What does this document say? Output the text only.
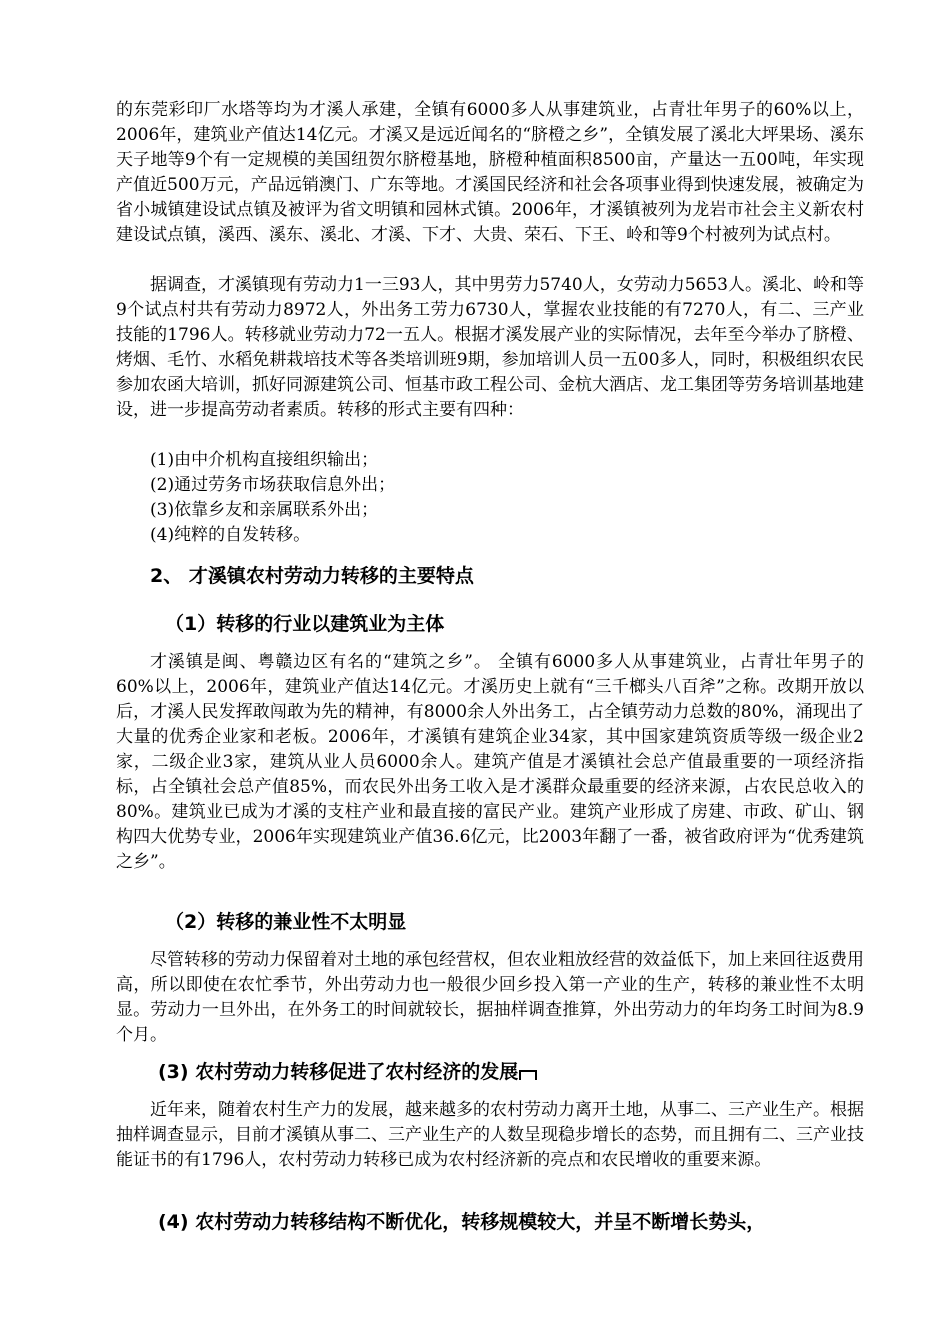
的东莞彩印厂水塔等均为才溪人承建，全镇有6000多人从事建筑业，占青壮年男子的60%以上，2006年，建筑业产值达14亿元。才溪又是远近闻名的“脐橙之乡”，全镇发展了溪北大坪果场、溪东天子地等9个有一定规模的美国纽贺尔脐橙基地，脐橙种植面积8500亩，产量达一五00吨，年实现产值近500万元，产品远销澳门、广东等地。才溪国民经济和社会各项事业得到快速发展，被确定为省小城镇建设试点镇及被评为省文明镇和园林式镇。2006年，才溪镇被列为龙岩市社会主义新农村建设试点镇，溪西、溪东、溪北、才溪、下才、大贵、荣石、下王、岭和等9个村被列为试点村。

据调查，才溪镇现有劳动力1一三93人，其中男劳力5740人，女劳动力5653人。溪北、岭和等9个试点村共有劳动力8972人，外出务工劳力6730人，掌握农业技能的有7270人，有二、三产业技能的1796人。转移就业劳动力72一五人。根据才溪发展产业的实际情况，去年至今举办了脐橙、烤烟、毛竹、水稻免耕栽培技术等各类培训班9期，参加培训人员一五00多人，同时，积极组织农民参加农函大培训，抓好同源建筑公司、恒基市政工程公司、金杭大酒店、龙工集团等劳务培训基地建设，进一步提高劳动者素质。转移的形式主要有四种：

(1)由中介机构直接组织输出；

(2)通过劳务市场获取信息外出；

(3)依靠乡友和亲属联系外出；

(4)纯粹的自发转移。

2、 才溪镇农村劳动力转移的主要特点
（1）转移的行业以建筑业为主体

才溪镇是闽、粤赣边区有名的“建筑之乡”。 全镇有6000多人从事建筑业，占青壮年男子的60%以上，2006年，建筑业产值达14亿元。才溪历史上就有“三千榔头八百斧”之称。改期开放以后，才溪人民发挥敢闯敢为先的精神，有8000余人外出务工，占全镇劳动力总数的80%，涌现出了大量的优秀企业家和老板。2006年，才溪镇有建筑企业34家，其中国家建筑资质等级一级企业2家，二级企业3家，建筑从业人员6000余人。建筑产值是才溪镇社会总产值最重要的一项经济指标，占全镇社会总产值85%，而农民外出务工收入是才溪群众最重要的经济来源，占农民总收入的80%。建筑业已成为才溪的支柱产业和最直接的富民产业。建筑产业形成了房建、市政、矿山、钢构四大优势专业，2006年实现建筑业产值36.6亿元，比2003年翻了一番，被省政府评为“优秀建筑之乡”。

（2）转移的兼业性不太明显

尽管转移的劳动力保留着对土地的承包经营权，但农业粗放经营的效益低下，加上来回往返费用高，所以即使在农忙季节，外出劳动力也一般很少回乡投入第一产业的生产，转移的兼业性不太明显。劳动力一旦外出，在外务工的时间就较长，据抽样调查推算，外出劳动力的年均务工时间为8.9个月。

(3) 农村劳动力转移促进了农村经济的发展

近年来，随着农村生产力的发展，越来越多的农村劳动力离开土地，从事二、三产业生产。根据抽样调查显示，目前才溪镇从事二、三产业生产的人数呈现稳步增长的态势，而且拥有二、三产业技能证书的有1796人，农村劳动力转移已成为农村经济新的亮点和农民增收的重要来源。

(4) 农村劳动力转移结构不断优化，转移规模较大，并呈不断增长势头，
